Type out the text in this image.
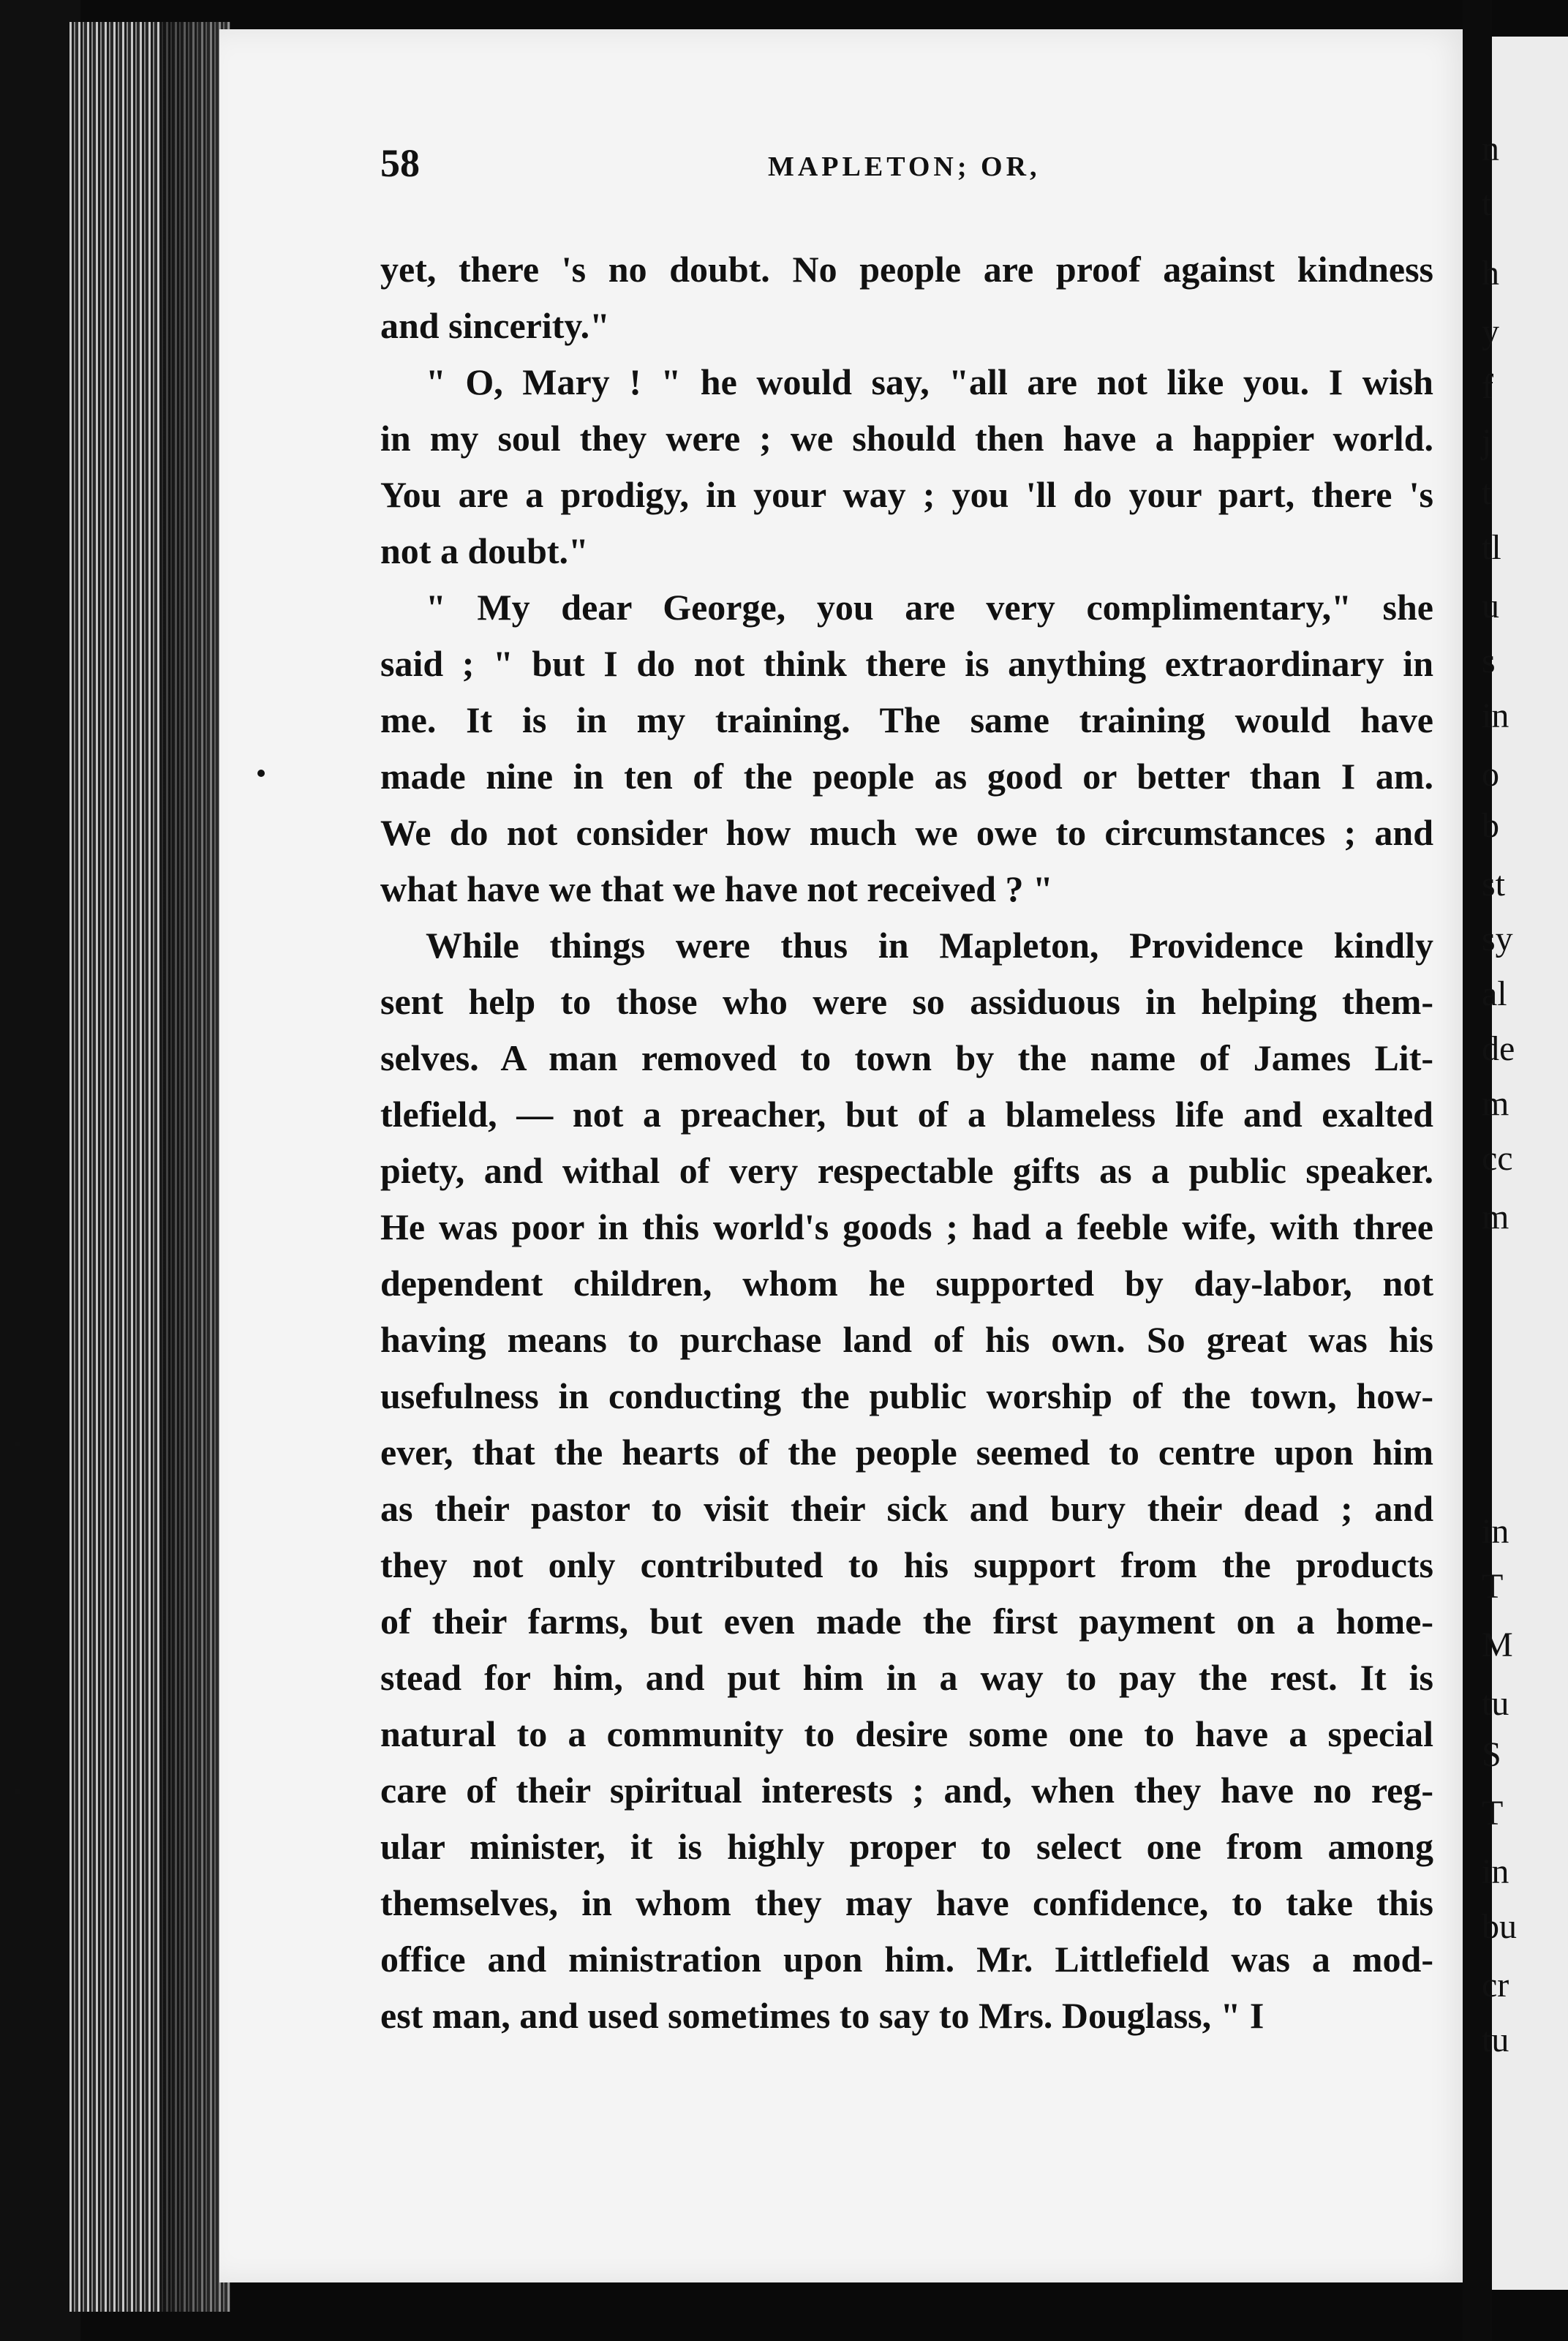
58	MAPLETON; OR,
yet, there 's no doubt. No people are proof against kindness
and sincerity."
" O, Mary ! " he would say, "all are not like you. I wish
in my soul they were ; we should then have a happier world.
You are a prodigy, in your way ; you 'll do your part, there 's
not a doubt."
" My dear George, you are very complimentary," she
said ; " but I do not think there is anything extraordinary in
me. It is in my training. The same training would have
made nine in ten of the people as good or better than I am.
We do not consider how much we owe to circumstances ; and
what have we that we have not received ? "
While things were thus in Mapleton, Providence kindly
sent help to those who were so assiduous in helping them-
selves. A man removed to town by the name of James Lit-
tlefield, — not a preacher, but of a blameless life and exalted
piety, and withal of very respectable gifts as a public speaker.
He was poor in this world's goods ; had a feeble wife, with three
dependent children, whom he supported by day-labor, not
having means to purchase land of his own. So great was his
usefulness in conducting the public worship of the town, how-
ever, that the hearts of the people seemed to centre upon him
as their pastor to visit their sick and bury their dead ; and
they not only contributed to his support from the products
of their farms, but even made the first payment on a home-
stead for him, and put him in a way to pay the rest. It is
natural to a community to desire some one to have a special
care of their spiritual interests ; and, when they have no reg-
ular minister, it is highly proper to select one from among
themselves, in whom they may have confidence, to take this
office and ministration upon him. Mr. Littlefield was a mod-
est man, and used sometimes to say to Mrs. Douglass, " I
n
t
h
y
f
j
t
tl
u
s
in
o
b
st
sy
al
de
m
cc
m
in
T
M
tu
S
T
in
bu
cr
tu
